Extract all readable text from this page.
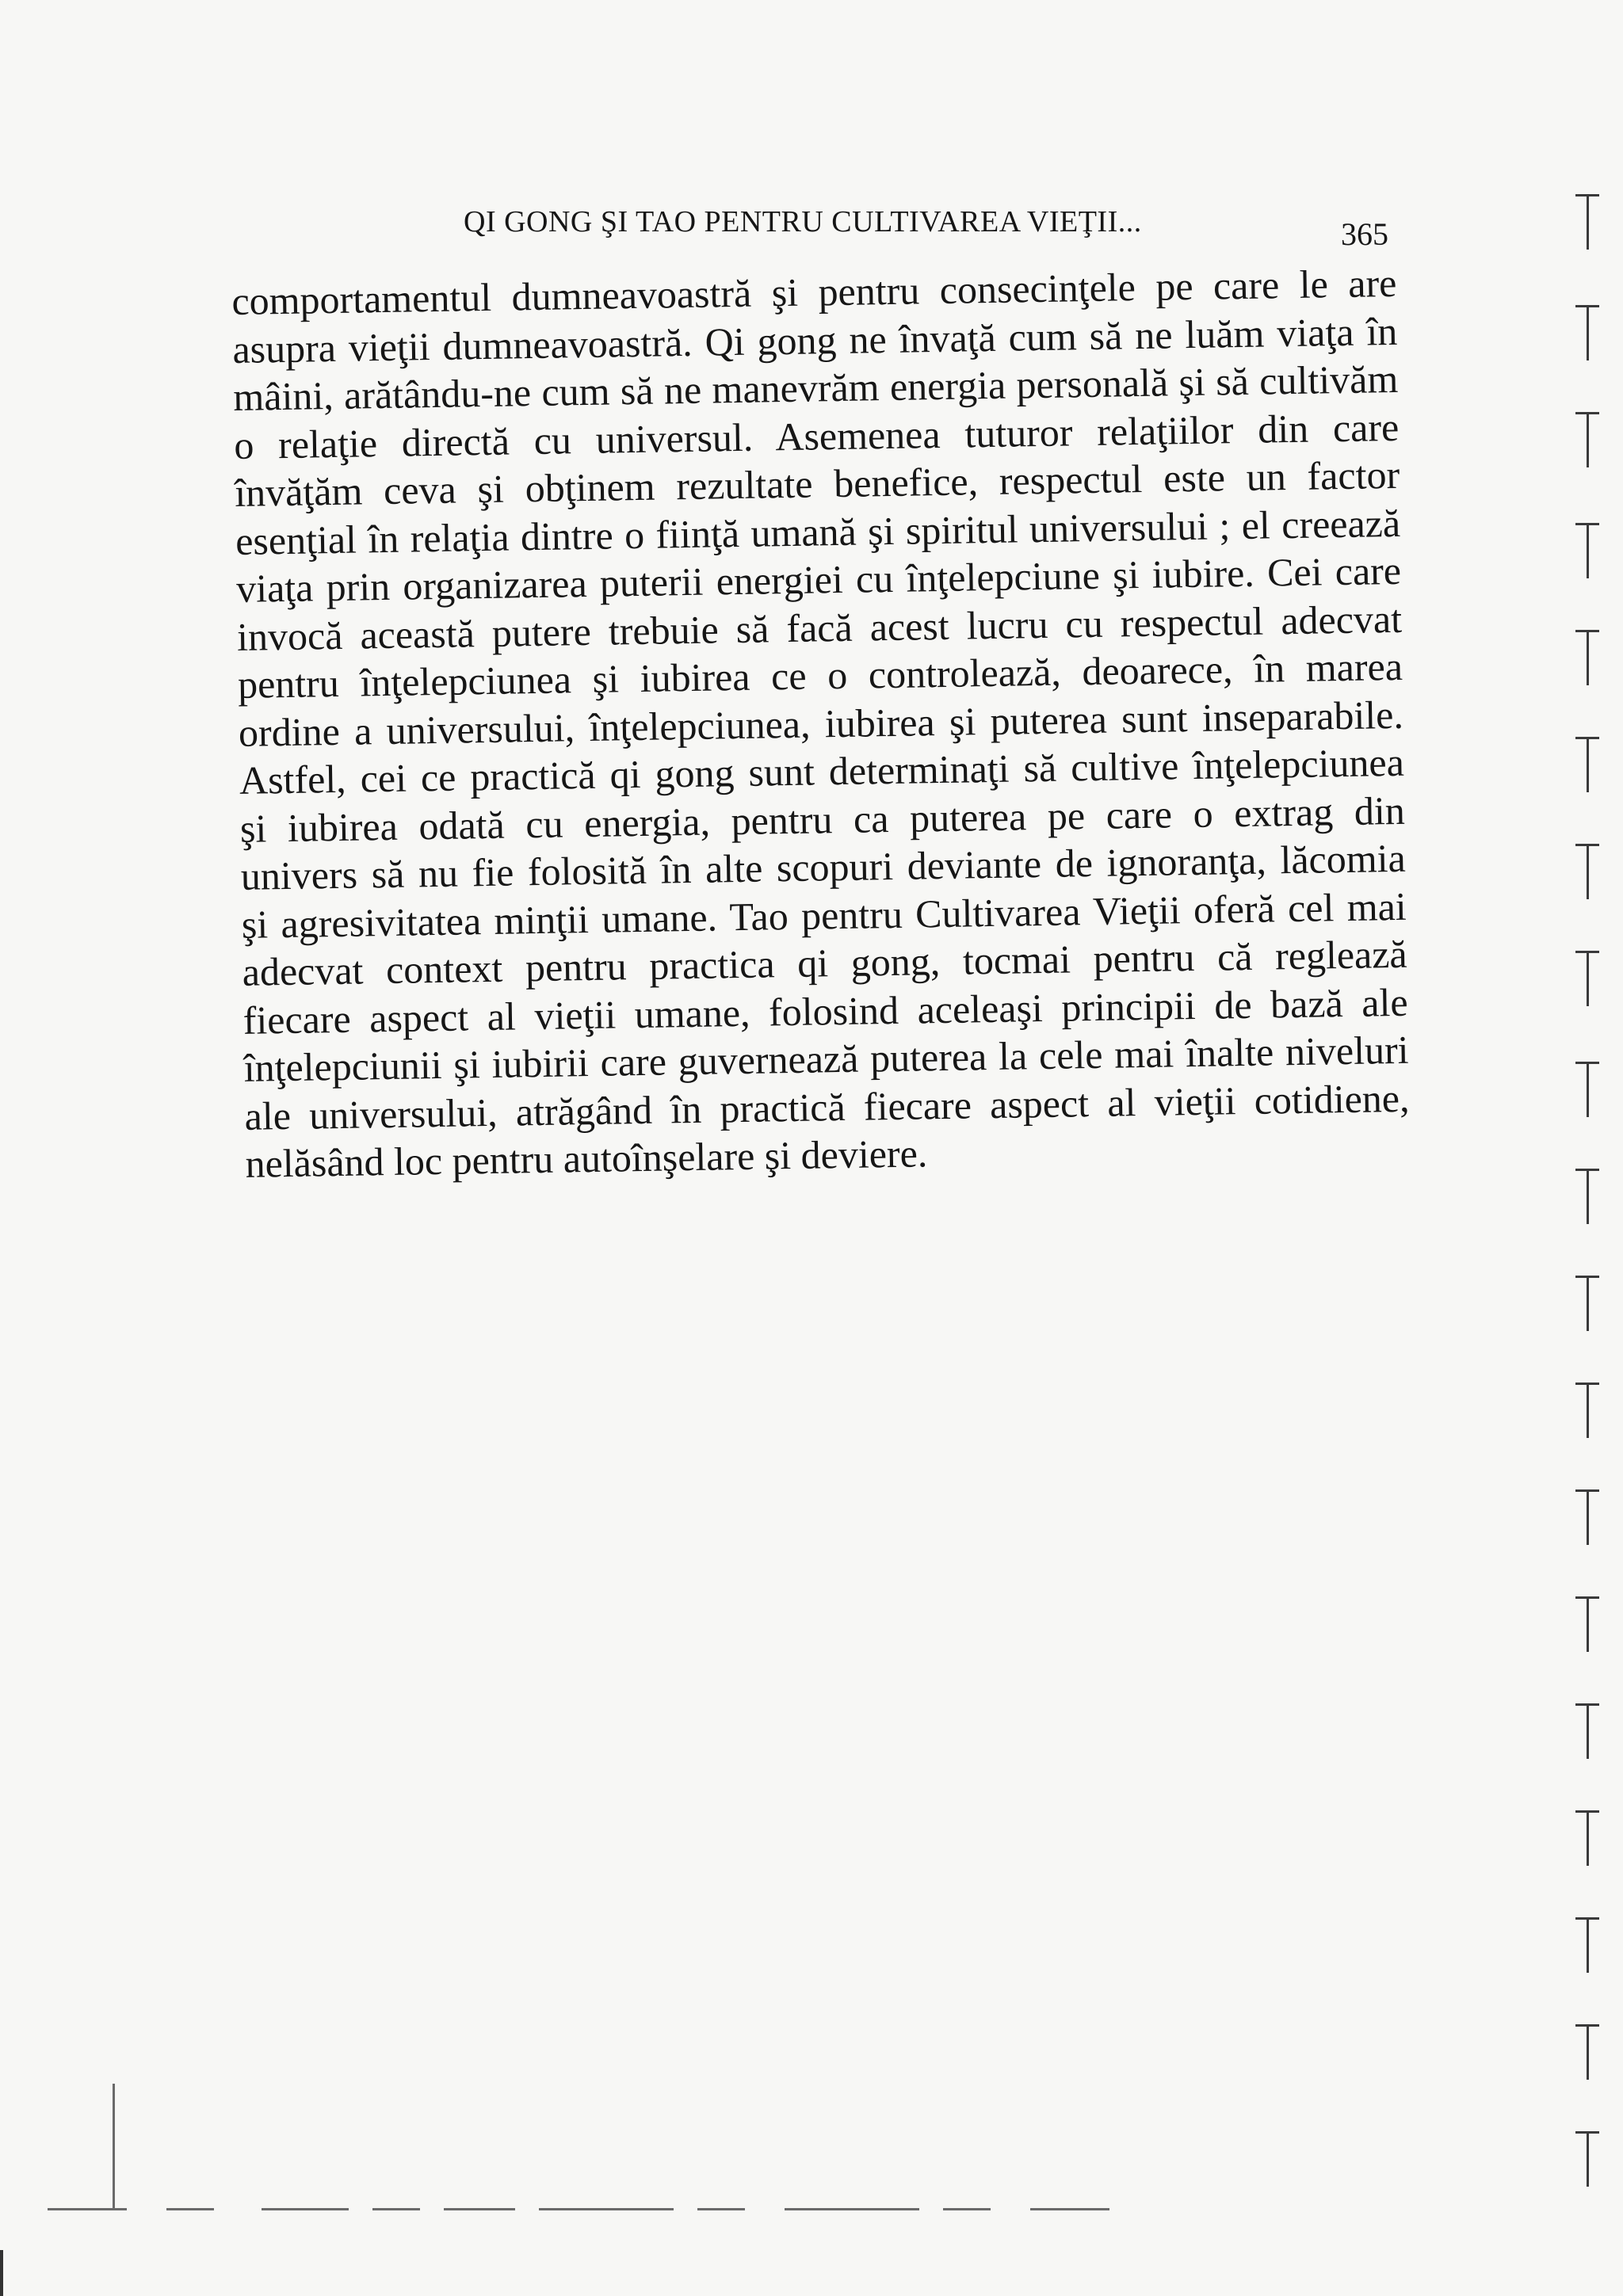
QI GONG ŞI TAO PENTRU CULTIVAREA VIEŢII...	365
comportamentul dumneavoastră şi pentru consecinţele pe care le are
asupra vieţii dumneavoastră. Qi gong ne învaţă cum să ne luăm viaţa în
mâini, arătându-ne cum să ne manevrăm energia personală şi să cultivăm
o relaţie directă cu universul. Asemenea tuturor relaţiilor din care
învăţăm ceva şi obţinem rezultate benefice, respectul este un factor
esenţial în relaţia dintre o fiinţă umană şi spiritul universului ; el creează
viaţa prin organizarea puterii energiei cu înţelepciune şi iubire. Cei care
invocă această putere trebuie să facă acest lucru cu respectul adecvat
pentru înţelepciunea şi iubirea ce o controlează, deoarece, în marea
ordine a universului, înţelepciunea, iubirea şi puterea sunt inseparabile.
Astfel, cei ce practică qi gong sunt determinaţi să cultive înţelepciunea
şi iubirea odată cu energia, pentru ca puterea pe care o extrag din
univers să nu fie folosită în alte scopuri deviante de ignoranţa, lăcomia
şi agresivitatea minţii umane. Tao pentru Cultivarea Vieţii oferă cel mai
adecvat context pentru practica qi gong, tocmai pentru că reglează
fiecare aspect al vieţii umane, folosind aceleaşi principii de bază ale
înţelepciunii şi iubirii care guvernează puterea la cele mai înalte niveluri
ale universului, atrăgând în practică fiecare aspect al vieţii cotidiene,
nelăsând loc pentru autoînşelare şi deviere.
